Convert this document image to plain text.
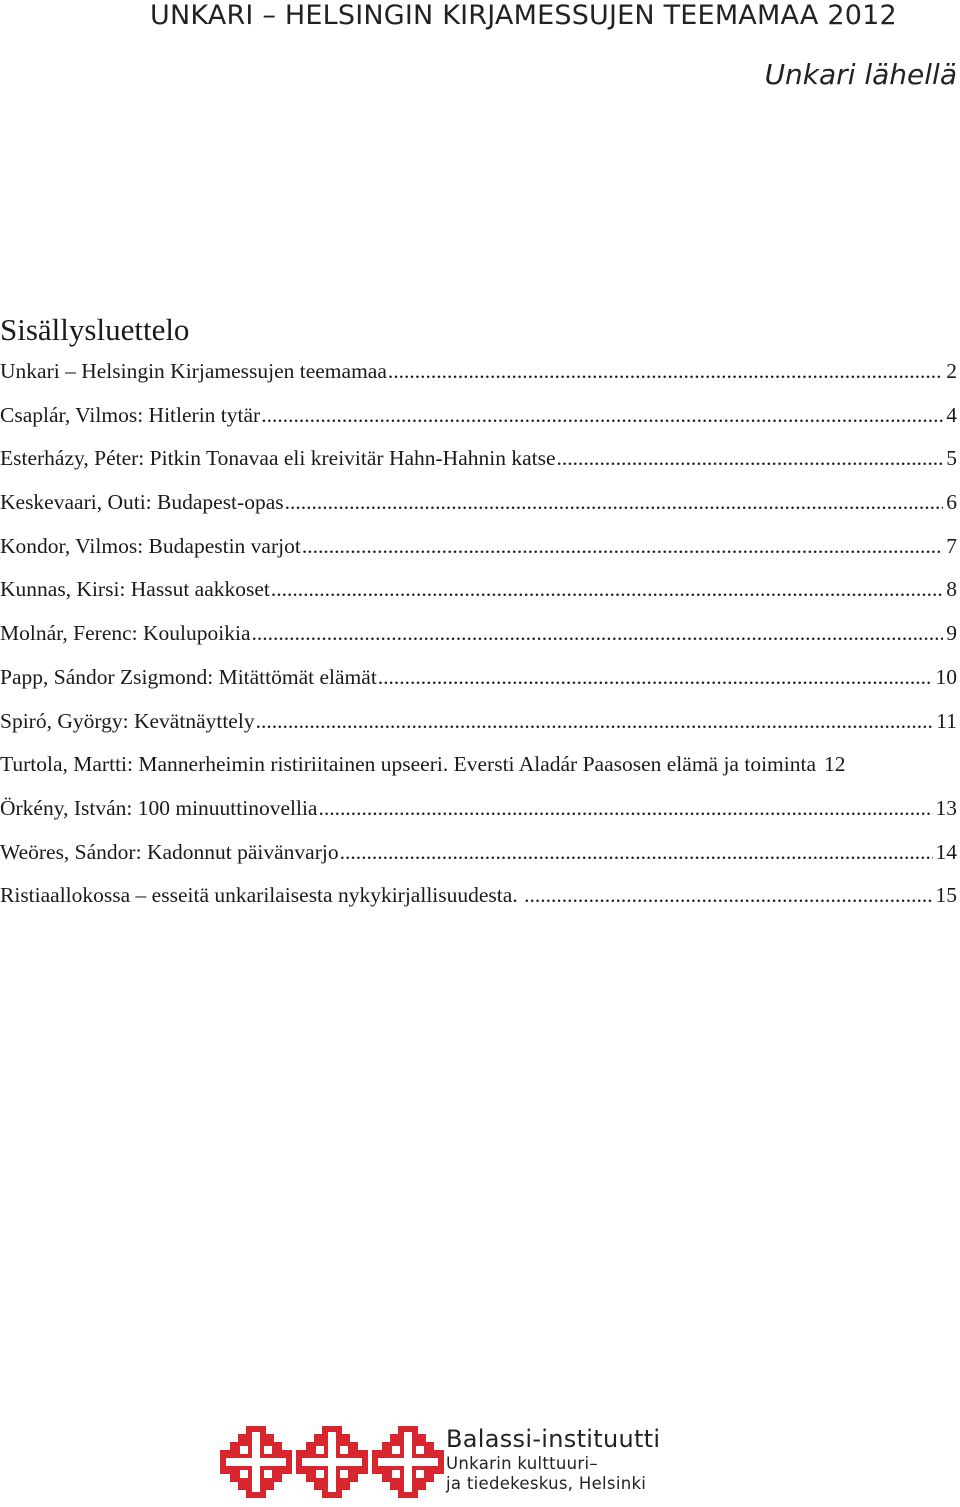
UNKARI – HELSINGIN KIRJAMESSUJEN TEEMAMAA 2012
Unkari lähellä
Sisällysluettelo
Unkari – Helsingin Kirjamessujen teemamaa .....	2
Csaplár, Vilmos: Hitlerin tytär .....	4
Esterházy, Péter: Pitkin Tonavaa eli kreivitär Hahn-Hahnin katse .....	5
Keskevaari, Outi: Budapest-opas .....	6
Kondor, Vilmos: Budapestin varjot .....	7
Kunnas, Kirsi: Hassut aakkoset .....	8
Molnár, Ferenc: Koulupoikia .....	9
Papp, Sándor Zsigmond: Mitättömät elämät .....	10
Spiró, György: Kevätnäyttely .....	11
Turtola, Martti: Mannerheimin ristiriitainen upseeri. Eversti Aladár Paasosen elämä ja toiminta 12
Örkény, István: 100 minuuttinovellia .....	13
Weöres, Sándor: Kadonnut päivänvarjo .....	14
Ristiaallokossa – esseitä unkarilaisesta nykykirjallisuudesta. .....	15
Balassi-instituutti
Unkarin kulttuuri–
ja tiedekeskus, Helsinki
